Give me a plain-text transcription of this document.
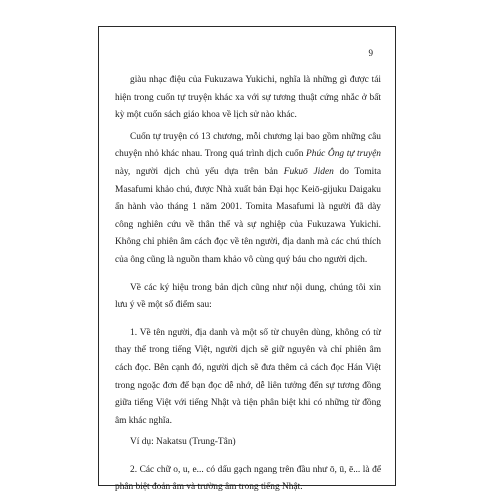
9

giàu nhạc điệu của Fukuzawa Yukichi, nghĩa là những gì được tái hiện trong cuốn tự truyện khác xa với sự tương thuật cứng nhắc ở bất kỳ một cuốn sách giáo khoa về lịch sử nào khác.

Cuốn tự truyện có 13 chương, mỗi chương lại bao gồm những câu chuyện nhỏ khác nhau. Trong quá trình dịch cuốn Phúc Ông tự truyện này, người dịch chủ yếu dựa trên bản Fukuō Jiden do Tomita Masafumi khảo chú, được Nhà xuất bản Đại học Keiō-gijuku Daigaku ấn hành vào tháng 1 năm 2001. Tomita Masafumi là người đã dày công nghiên cứu về thân thế và sự nghiệp của Fukuzawa Yukichi. Không chỉ phiên âm cách đọc về tên người, địa danh mà các chú thích của ông cũng là nguồn tham khảo vô cùng quý báu cho người dịch.

Về các ký hiệu trong bản dịch cũng như nội dung, chúng tôi xin lưu ý về một số điểm sau:

1. Về tên người, địa danh và một số từ chuyên dùng, không có từ thay thế trong tiếng Việt, người dịch sẽ giữ nguyên và chỉ phiên âm cách đọc. Bên cạnh đó, người dịch sẽ đưa thêm cả cách đọc Hán Việt trong ngoặc đơn để bạn đọc dễ nhớ, dễ liên tưởng đến sự tương đồng giữa tiếng Việt với tiếng Nhật và tiện phân biệt khi có những từ đồng âm khác nghĩa.

Ví dụ: Nakatsu (Trung-Tân)

2. Các chữ o, u, e... có dấu gạch ngang trên đầu như ō, ū, ē... là để phân biệt đoản âm và trường âm trong tiếng Nhật.
